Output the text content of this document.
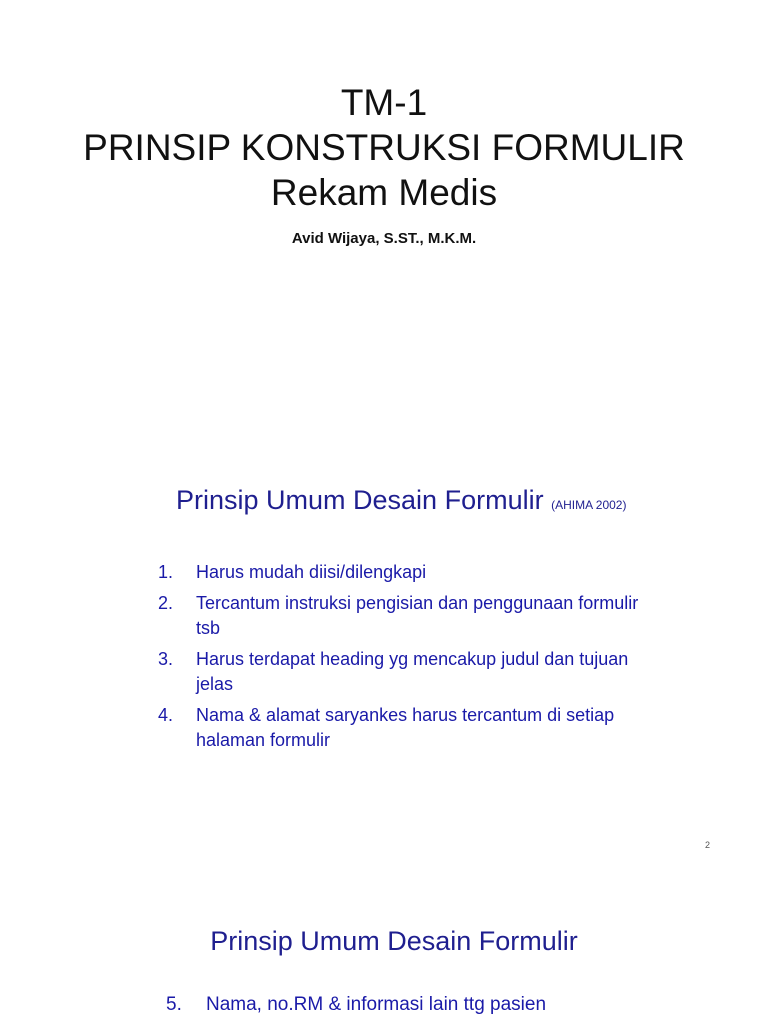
TM-1
PRINSIP KONSTRUKSI FORMULIR
Rekam Medis
Avid Wijaya, S.ST., M.K.M.
Prinsip Umum Desain Formulir (AHIMA 2002)
1. Harus mudah diisi/dilengkapi
2. Tercantum instruksi pengisian dan penggunaan formulir tsb
3. Harus terdapat heading yg mencakup judul dan tujuan jelas
4. Nama & alamat saryankes harus tercantum di setiap halaman formulir
2
Prinsip Umum Desain Formulir
5. Nama, no.RM & informasi lain ttg pasien
